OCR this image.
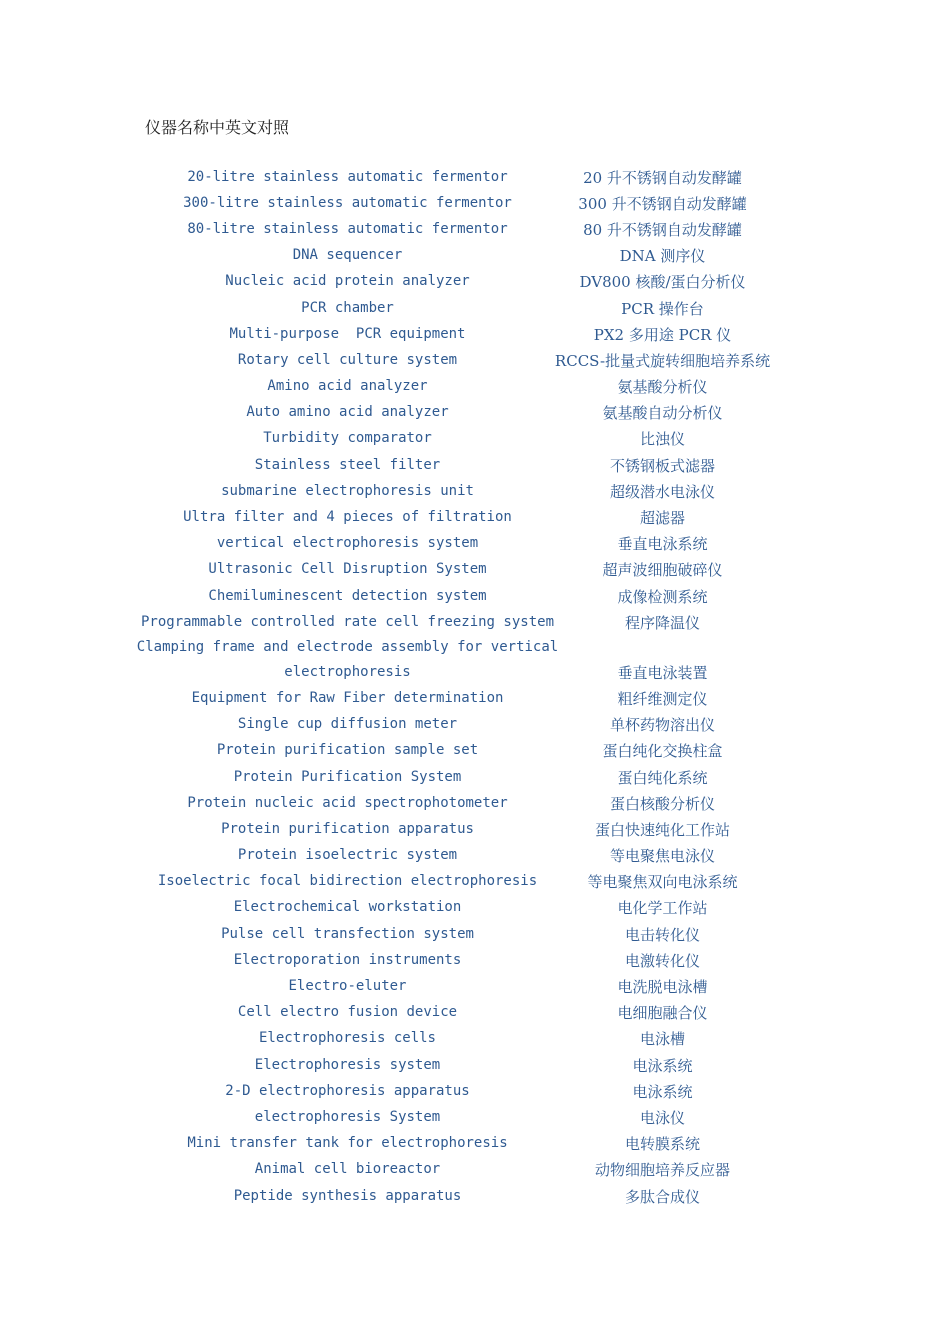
仪器名称中英文对照
20-litre stainless automatic fermentor	20 升不锈钢自动发酵罐
300-litre stainless automatic fermentor	300 升不锈钢自动发酵罐
80-litre stainless automatic fermentor	80 升不锈钢自动发酵罐
DNA sequencer	DNA 测序仪
Nucleic acid protein analyzer	DV800 核酸/蛋白分析仪
PCR chamber	PCR 操作台
Multi-purpose  PCR equipment	PX2 多用途 PCR 仪
Rotary cell culture system	RCCS-批量式旋转细胞培养系统
Amino acid analyzer	氨基酸分析仪
Auto amino acid analyzer	氨基酸自动分析仪
Turbidity comparator	比浊仪
Stainless steel filter	不锈钢板式滤器
submarine electrophoresis unit	超级潜水电泳仪
Ultra filter and 4 pieces of filtration	超滤器
vertical electrophoresis system	垂直电泳系统
Ultrasonic Cell Disruption System	超声波细胞破碎仪
Chemiluminescent detection system	成像检测系统
Programmable controlled rate cell freezing system	程序降温仪
Clamping frame and electrode assembly for vertical electrophoresis	垂直电泳装置
Equipment for Raw Fiber determination	粗纤维测定仪
Single cup diffusion meter	单杯药物溶出仪
Protein purification sample set	蛋白纯化交换柱盒
Protein Purification System	蛋白纯化系统
Protein nucleic acid spectrophotometer	蛋白核酸分析仪
Protein purification apparatus	蛋白快速纯化工作站
Protein isoelectric system	等电聚焦电泳仪
Isoelectric focal bidirection electrophoresis	等电聚焦双向电泳系统
Electrochemical workstation	电化学工作站
Pulse cell transfection system	电击转化仪
Electroporation instruments	电激转化仪
Electro-eluter	电洗脱电泳槽
Cell electro fusion device	电细胞融合仪
Electrophoresis cells	电泳槽
Electrophoresis system	电泳系统
2-D electrophoresis apparatus	电泳系统
electrophoresis System	电泳仪
Mini transfer tank for electrophoresis	电转膜系统
Animal cell bioreactor	动物细胞培养反应器
Peptide synthesis apparatus	多肽合成仪
